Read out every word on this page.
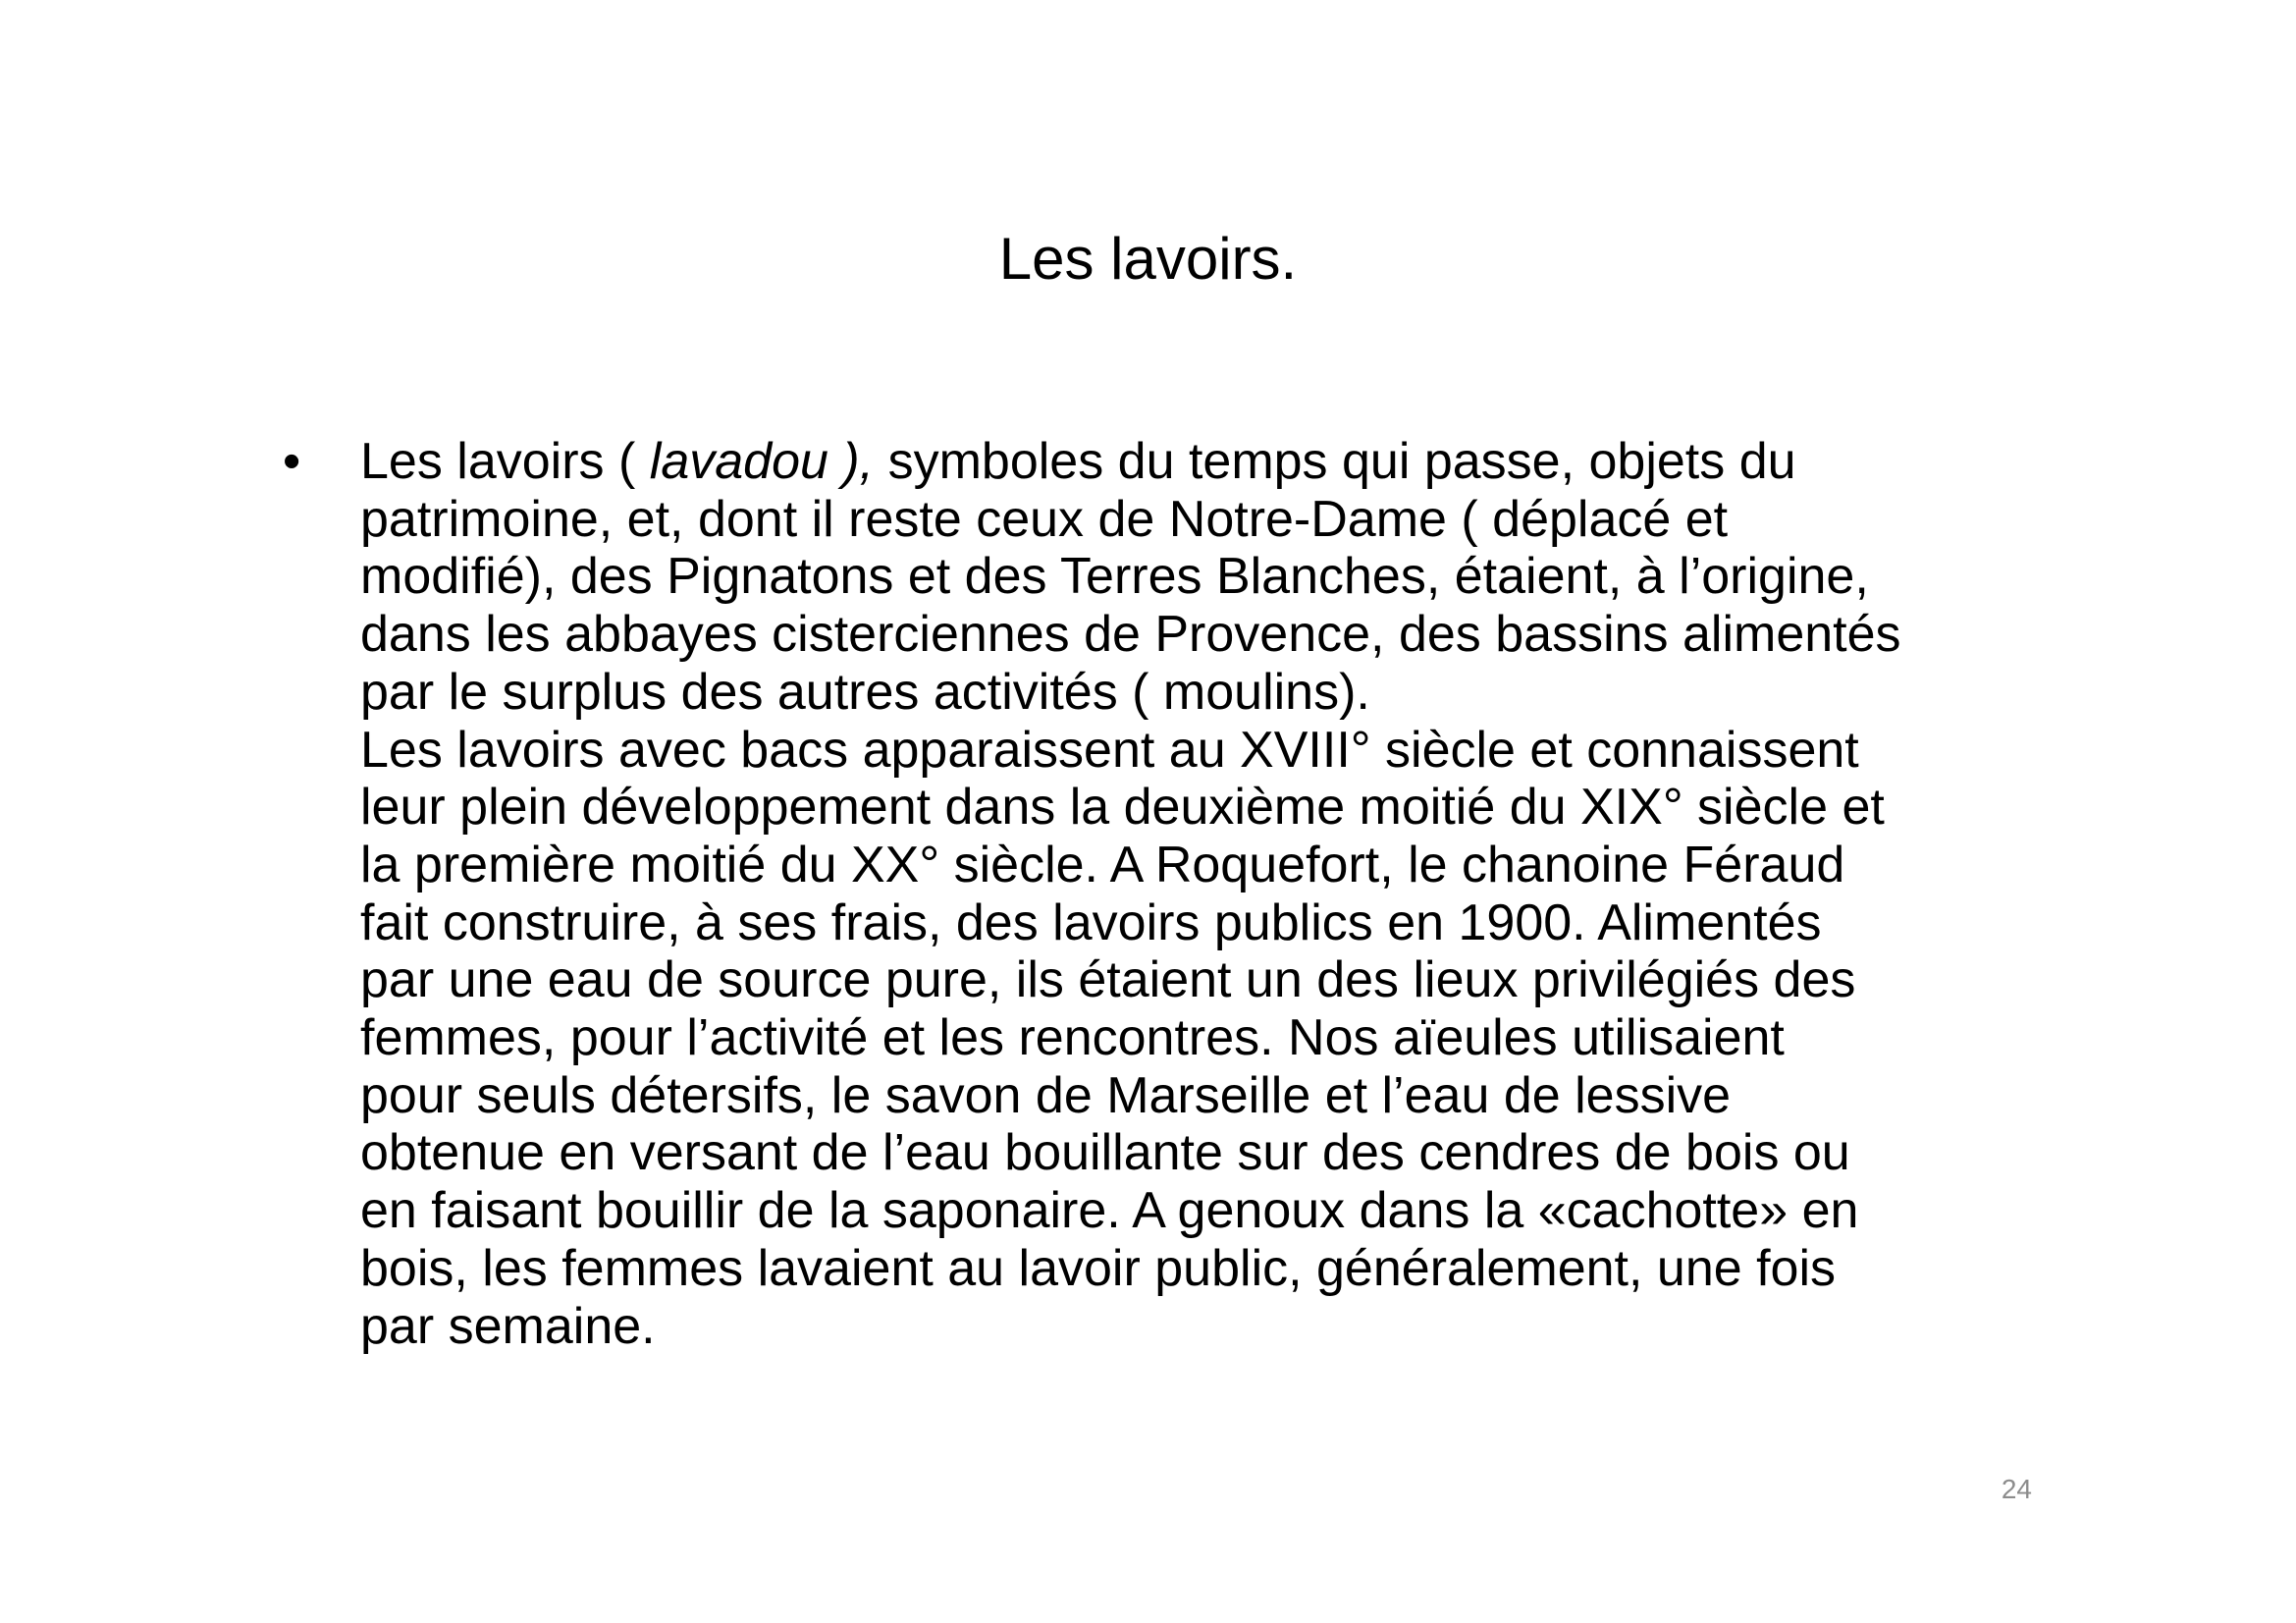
Les lavoirs.
• Les lavoirs ( lavadou ), symboles du temps qui passe, objets du
patrimoine, et, dont il reste ceux de Notre-Dame ( déplacé et
modifié), des Pignatons et des Terres Blanches, étaient, à l’origine,
dans les abbayes cisterciennes de Provence, des bassins alimentés
par le surplus des autres activités ( moulins).
Les lavoirs avec bacs apparaissent au XVIII° siècle et connaissent
leur plein développement dans la deuxième moitié du XIX° siècle et
la première moitié du XX° siècle. A Roquefort, le chanoine Féraud
fait construire, à ses frais, des lavoirs publics en 1900. Alimentés
par une eau de source pure, ils étaient un des lieux privilégiés des
femmes, pour l’activité et les rencontres. Nos aïeules utilisaient
pour seuls détersifs, le savon de Marseille et l’eau de lessive
obtenue en versant de l’eau bouillante sur des cendres de bois ou
en faisant bouillir de la saponaire. A genoux dans la «cachotte» en
bois, les femmes lavaient au lavoir public, généralement, une fois
par semaine.
24
